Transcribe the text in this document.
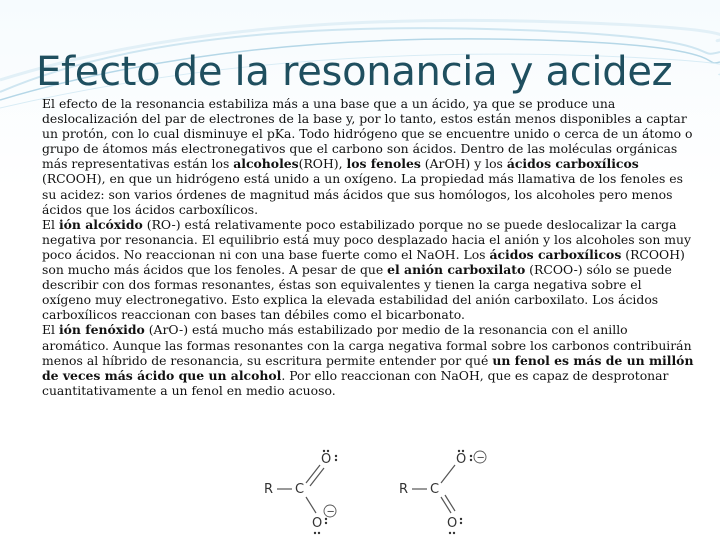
Efecto de la resonancia y acidez

El efecto de la resonancia estabiliza más a una base que a un ácido, ya que se produce una deslocalización del par de electrones de la base y, por lo tanto, estos están menos disponibles a captar un protón, con lo cual disminuye el pKa. Todo hidrógeno que se encuentre unido o cerca de un átomo o grupo de átomos más electronegativos que el carbono son ácidos. Dentro de las moléculas orgánicas más representativas están los alcoholes(ROH), los fenoles (ArOH) y los ácidos carboxílicos (RCOOH), en que un hidrógeno está unido a un oxígeno. La propiedad más llamativa de los fenoles es su acidez: son varios órdenes de magnitud más ácidos que sus homólogos, los alcoholes pero menos ácidos que los ácidos carboxílicos.

El ión alcóxido (RO-) está relativamente poco estabilizado porque no se puede deslocalizar la carga negativa por resonancia. El equilibrio está muy poco desplazado hacia el anión y los alcoholes son muy poco ácidos. No reaccionan ni con una base fuerte como el NaOH. Los ácidos carboxílicos (RCOOH) son mucho más ácidos que los fenoles. A pesar de que el anión carboxilato (RCOO-) sólo se puede describir con dos formas resonantes, éstas son equivalentes y tienen la carga negativa sobre el oxígeno muy electronegativo. Esto explica la elevada estabilidad del anión carboxilato. Los ácidos carboxílicos reaccionan con bases tan débiles como el bicarbonato.

El ión fenóxido (ArO-) está mucho más estabilizado por medio de la resonancia con el anillo aromático. Aunque las formas resonantes con la carga negativa formal sobre los carbonos contribuirán menos al híbrido de resonancia, su escritura permite entender por qué un fenol es más de un millón de veces más ácido que un alcohol. Por ello reaccionan con NaOH, que es capaz de desprotonar cuantitativamente a un fenol en medio acuoso.

R C
O
O
−
R C
O −
O
